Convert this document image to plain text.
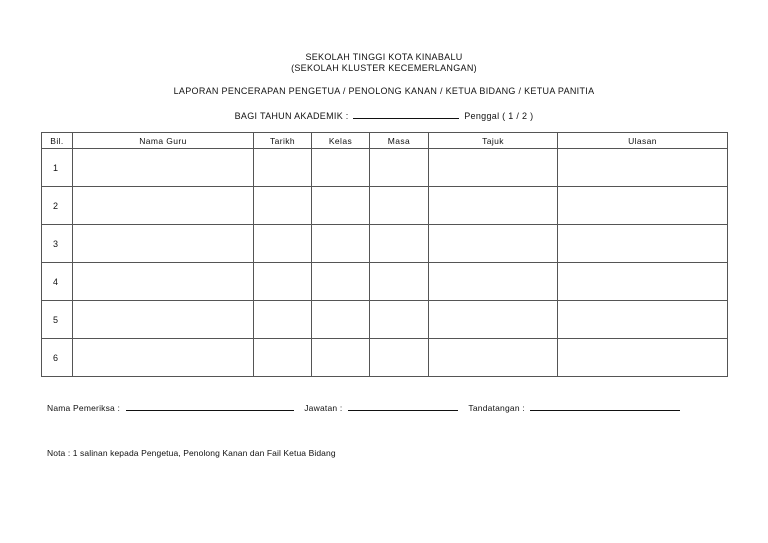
SEKOLAH TINGGI KOTA KINABALU
(SEKOLAH KLUSTER KECEMERLANGAN)
LAPORAN PENCERAPAN PENGETUA / PENOLONG KANAN / KETUA BIDANG / KETUA PANITIA
BAGI TAHUN AKADEMIK :	Penggal ( 1 / 2 )
Bil.	Nama Guru	Tarikh	Kelas	Masa	Tajuk	Ulasan
1						
2						
3						
4						
5						
6						
Nama Pemeriksa :	Jawatan :	Tandatangan :
Nota : 1 salinan kepada Pengetua, Penolong Kanan dan Fail Ketua Bidang
